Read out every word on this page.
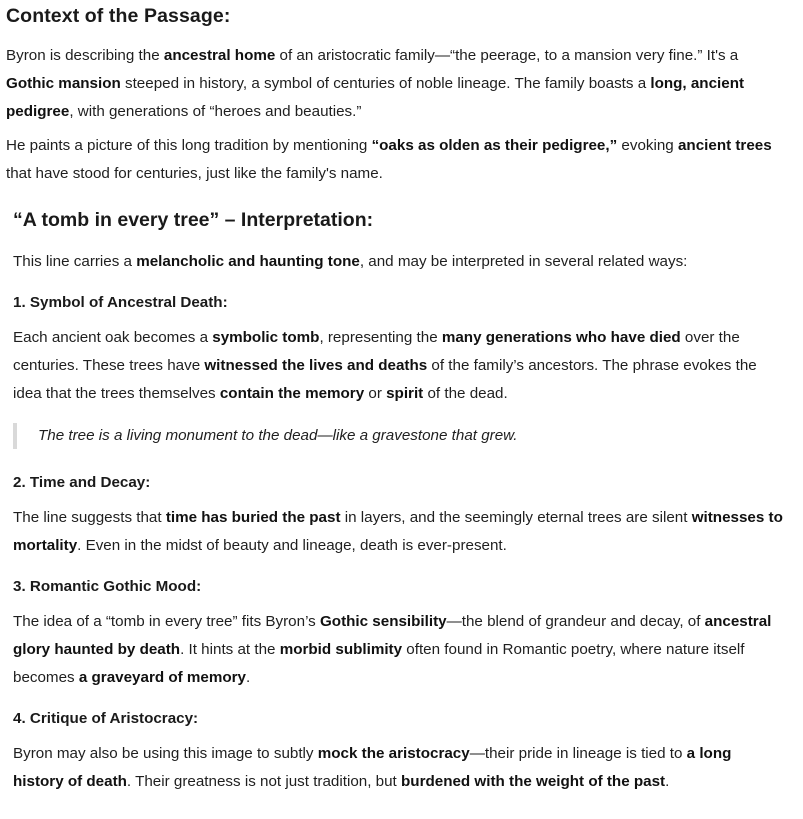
Context of the Passage:

Byron is describing the ancestral home of an aristocratic family—“the peerage, to a mansion very fine.” It's a Gothic mansion steeped in history, a symbol of centuries of noble lineage. The family boasts a long, ancient pedigree, with generations of “heroes and beauties.”

He paints a picture of this long tradition by mentioning “oaks as olden as their pedigree,” evoking ancient trees that have stood for centuries, just like the family's name.

“A tomb in every tree” – Interpretation:

This line carries a melancholic and haunting tone, and may be interpreted in several related ways:

1. Symbol of Ancestral Death:

Each ancient oak becomes a symbolic tomb, representing the many generations who have died over the centuries. These trees have witnessed the lives and deaths of the family’s ancestors. The phrase evokes the idea that the trees themselves contain the memory or spirit of the dead.

The tree is a living monument to the dead—like a gravestone that grew.
2. Time and Decay:

The line suggests that time has buried the past in layers, and the seemingly eternal trees are silent witnesses to mortality. Even in the midst of beauty and lineage, death is ever-present.

3. Romantic Gothic Mood:

The idea of a “tomb in every tree” fits Byron’s Gothic sensibility—the blend of grandeur and decay, of ancestral glory haunted by death. It hints at the morbid sublimity often found in Romantic poetry, where nature itself becomes a graveyard of memory.

4. Critique of Aristocracy:

Byron may also be using this image to subtly mock the aristocracy—their pride in lineage is tied to a long history of death. Their greatness is not just tradition, but burdened with the weight of the past.
